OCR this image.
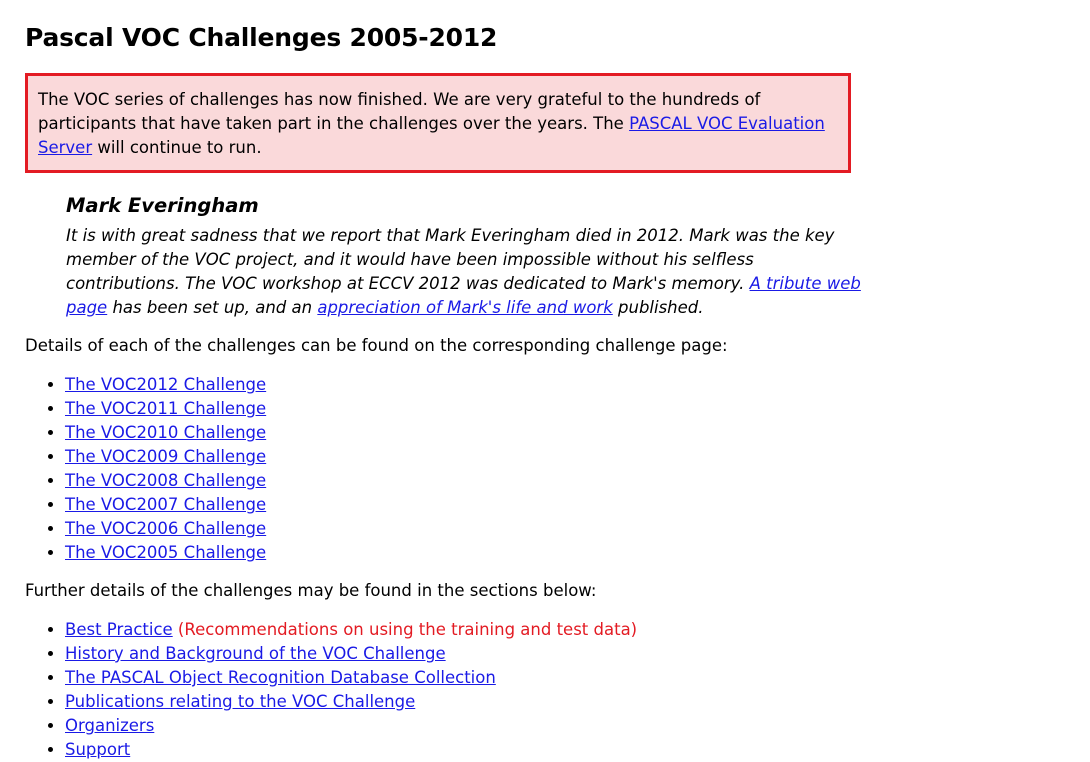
Pascal VOC Challenges 2005-2012
The VOC series of challenges has now finished. We are very grateful to the hundreds of participants that have taken part in the challenges over the years. The PASCAL VOC Evaluation Server will continue to run.
Mark Everingham
It is with great sadness that we report that Mark Everingham died in 2012. Mark was the key member of the VOC project, and it would have been impossible without his selfless contributions. The VOC workshop at ECCV 2012 was dedicated to Mark's memory. A tribute web page has been set up, and an appreciation of Mark's life and work published.

Details of each of the challenges can be found on the corresponding challenge page:

• The VOC2012 Challenge
• The VOC2011 Challenge
• The VOC2010 Challenge
• The VOC2009 Challenge
• The VOC2008 Challenge
• The VOC2007 Challenge
• The VOC2006 Challenge
• The VOC2005 Challenge

Further details of the challenges may be found in the sections below:

• Best Practice (Recommendations on using the training and test data)
• History and Background of the VOC Challenge
• The PASCAL Object Recognition Database Collection
• Publications relating to the VOC Challenge
• Organizers
• Support
